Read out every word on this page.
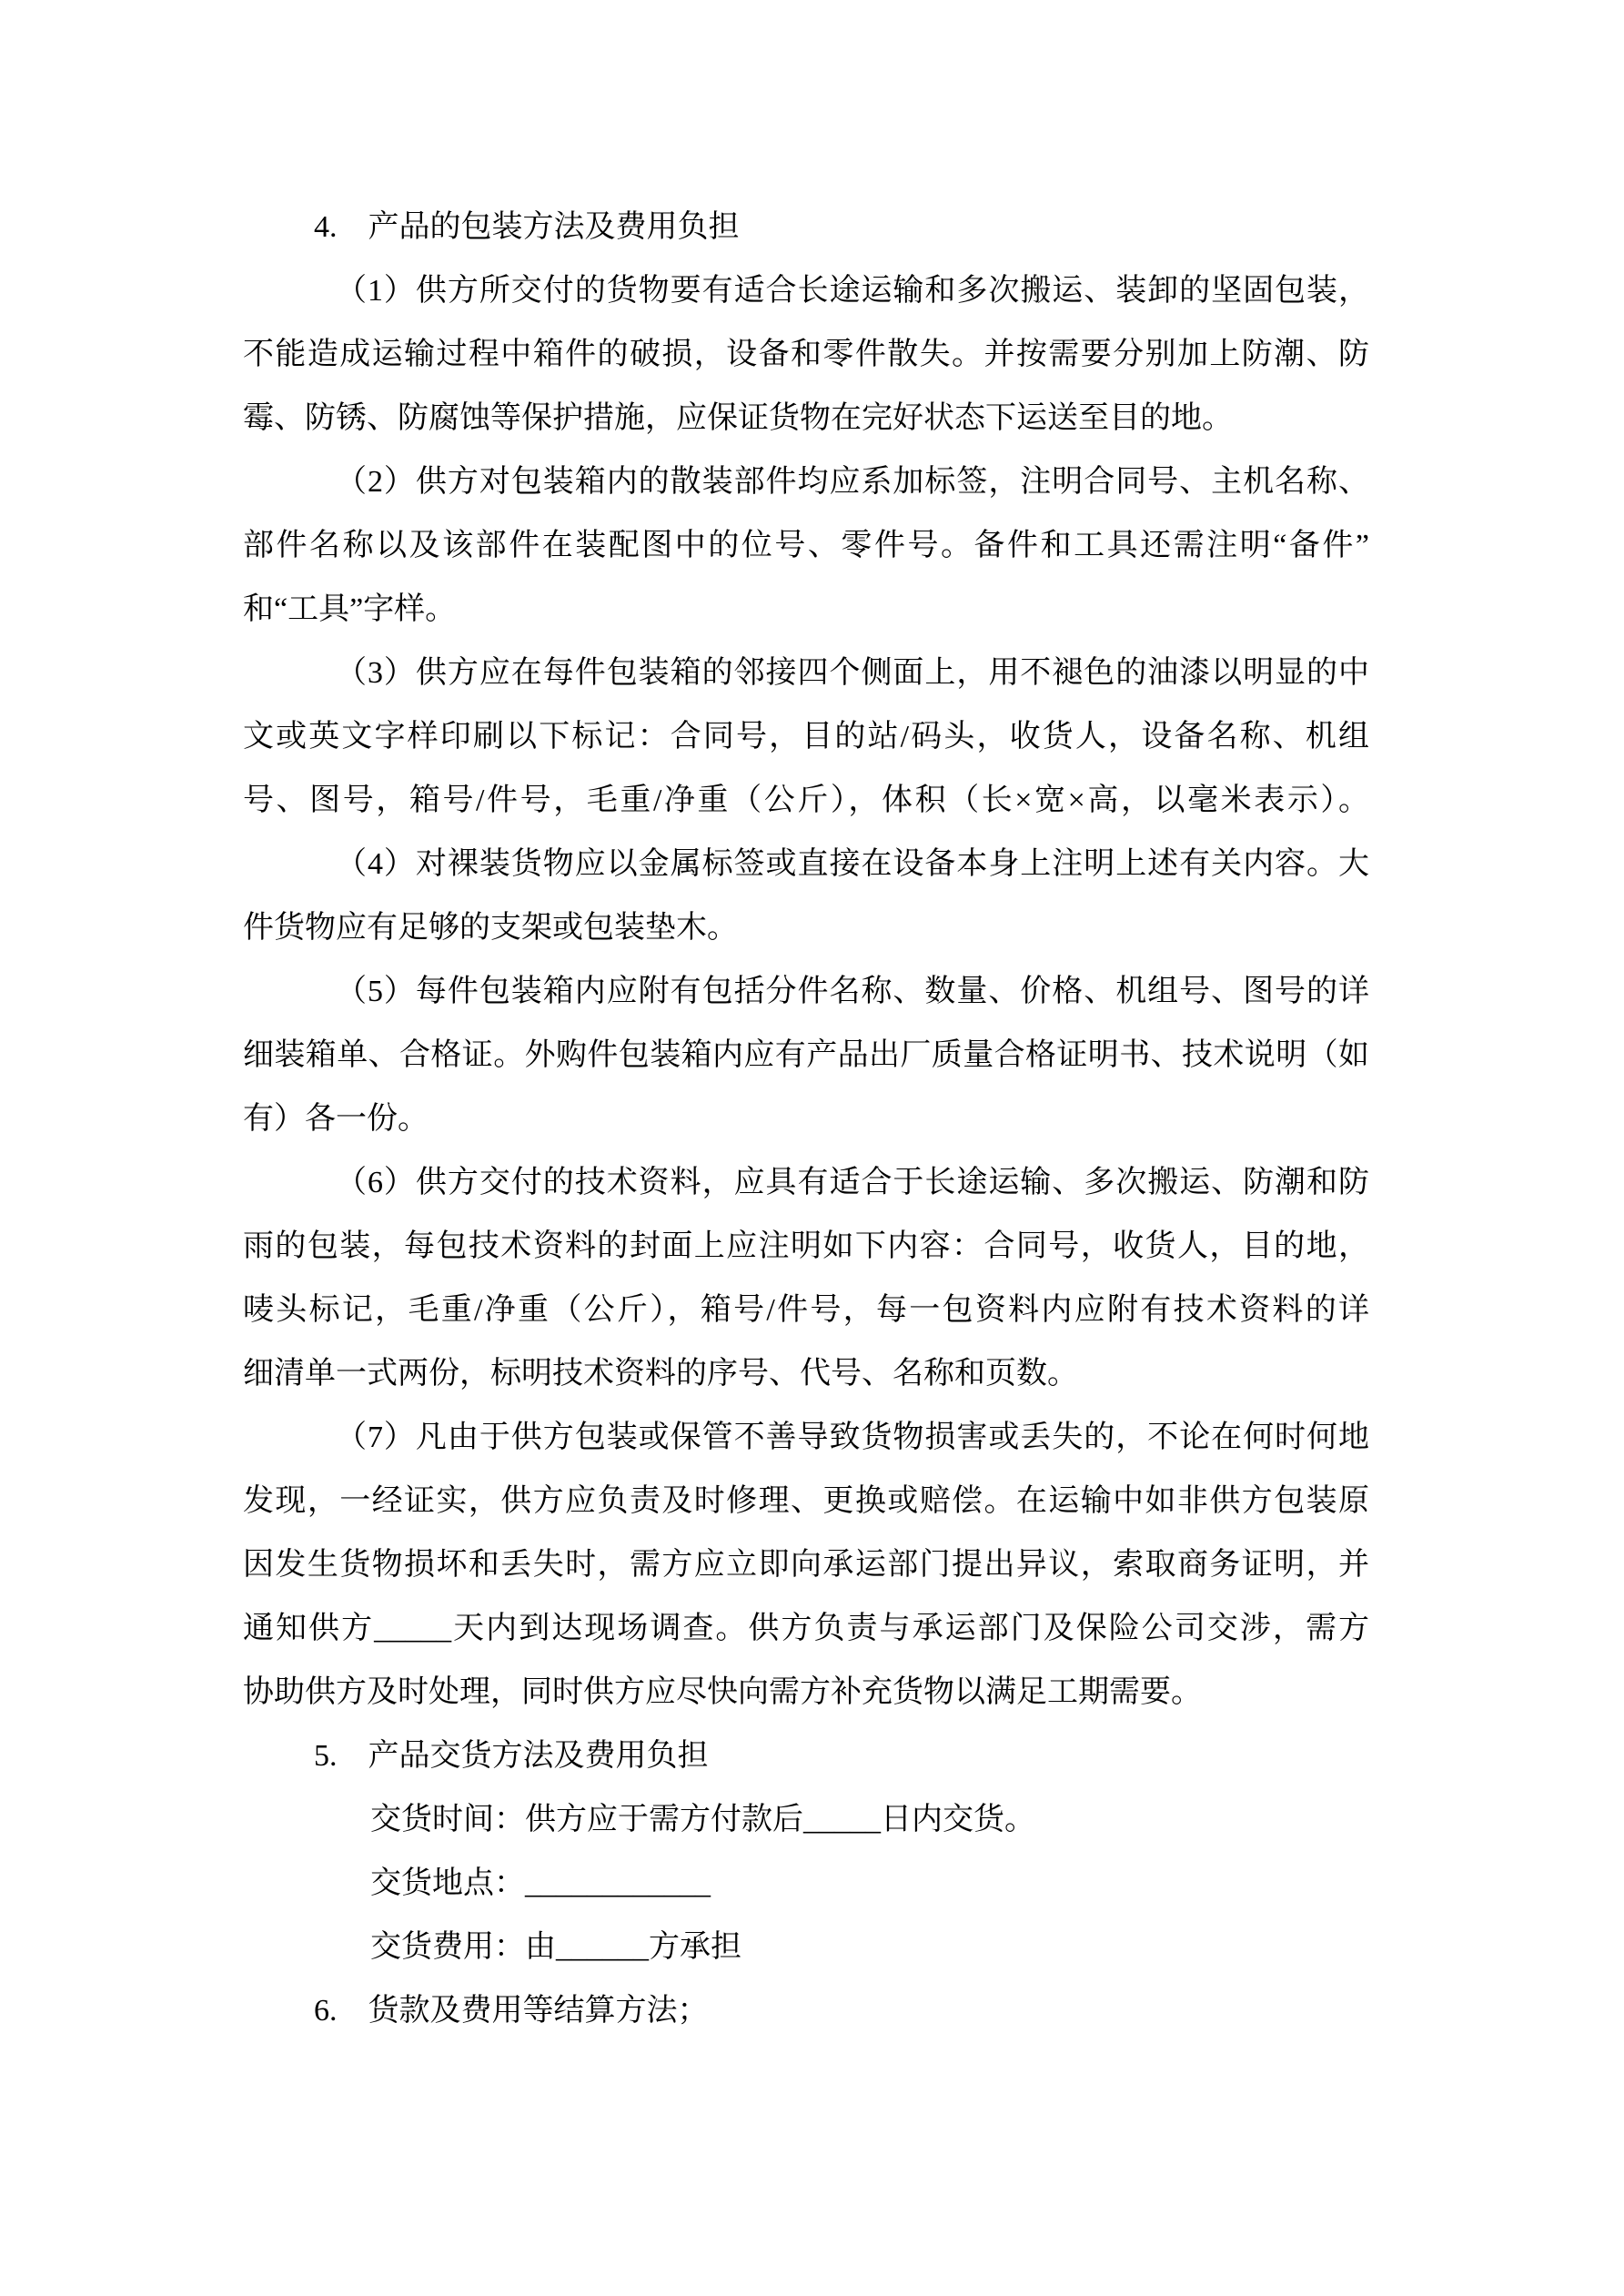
4.　产品的包装方法及费用负担
（1）供方所交付的货物要有适合长途运输和多次搬运、装卸的坚固包装，
不能造成运输过程中箱件的破损，设备和零件散失。并按需要分别加上防潮、防
霉、防锈、防腐蚀等保护措施，应保证货物在完好状态下运送至目的地。
（2）供方对包装箱内的散装部件均应系加标签，注明合同号、主机名称、
部件名称以及该部件在装配图中的位号、零件号。备件和工具还需注明“备件”
和“工具”字样。
（3）供方应在每件包装箱的邻接四个侧面上，用不褪色的油漆以明显的中
文或英文字样印刷以下标记：合同号，目的站/码头，收货人，设备名称、机组
号、图号，箱号/件号，毛重/净重（公斤），体积（长×宽×高，以毫米表示）。
（4）对裸装货物应以金属标签或直接在设备本身上注明上述有关内容。大
件货物应有足够的支架或包装垫木。
（5）每件包装箱内应附有包括分件名称、数量、价格、机组号、图号的详
细装箱单、合格证。外购件包装箱内应有产品出厂质量合格证明书、技术说明（如
有）各一份。
（6）供方交付的技术资料，应具有适合于长途运输、多次搬运、防潮和防
雨的包装，每包技术资料的封面上应注明如下内容：合同号，收货人，目的地，
唛头标记，毛重/净重（公斤），箱号/件号，每一包资料内应附有技术资料的详
细清单一式两份，标明技术资料的序号、代号、名称和页数。
（7）凡由于供方包装或保管不善导致货物损害或丢失的，不论在何时何地
发现，一经证实，供方应负责及时修理、更换或赔偿。在运输中如非供方包装原
因发生货物损坏和丢失时，需方应立即向承运部门提出异议，索取商务证明，并
通知供方_____天内到达现场调查。供方负责与承运部门及保险公司交涉，需方
协助供方及时处理，同时供方应尽快向需方补充货物以满足工期需要。
5.　产品交货方法及费用负担
交货时间：供方应于需方付款后_____日内交货。
交货地点：____________
交货费用：由______方承担
6.　货款及费用等结算方法；
